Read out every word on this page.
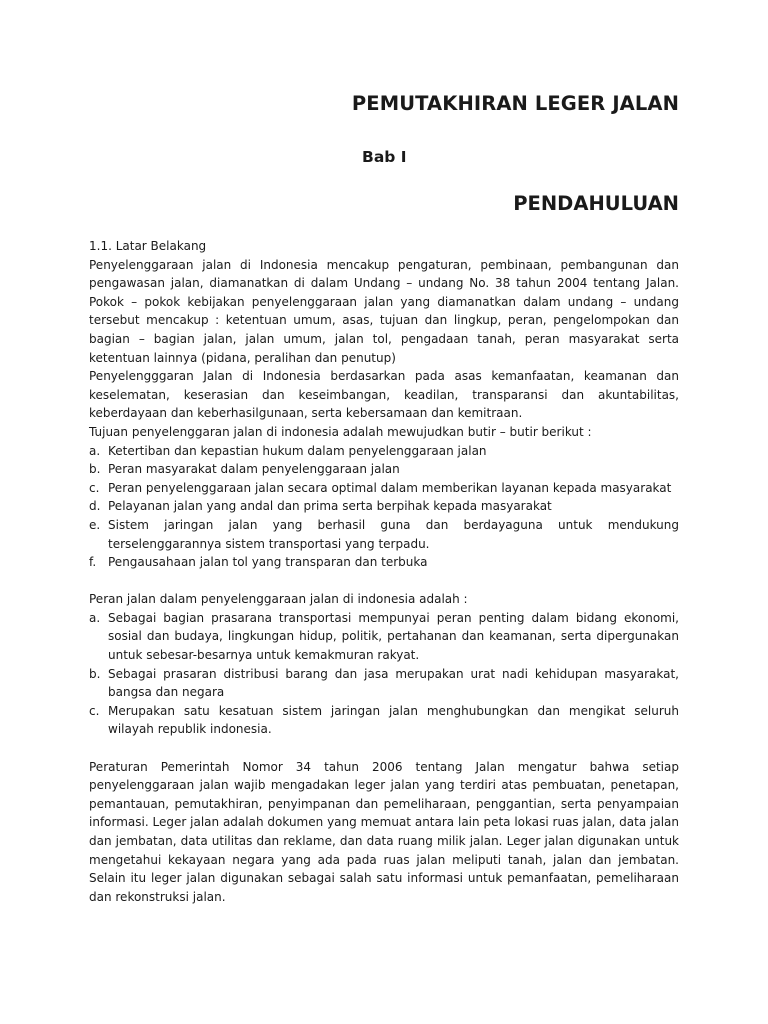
PEMUTAKHIRAN LEGER JALAN
Bab I
PENDAHULUAN
1.1. Latar Belakang

Penyelenggaraan jalan di Indonesia mencakup pengaturan, pembinaan, pembangunan dan pengawasan jalan, diamanatkan di dalam Undang – undang No. 38 tahun 2004 tentang Jalan. Pokok – pokok kebijakan penyelenggaraan jalan yang diamanatkan dalam undang – undang tersebut mencakup : ketentuan umum, asas, tujuan dan lingkup, peran, pengelompokan dan bagian – bagian jalan, jalan umum, jalan tol, pengadaan tanah, peran masyarakat serta ketentuan lainnya (pidana, peralihan dan penutup)

Penyelengggaran Jalan di Indonesia berdasarkan pada asas kemanfaatan, keamanan dan keselematan, keserasian dan keseimbangan, keadilan, transparansi dan akuntabilitas, keberdayaan dan keberhasilgunaan, serta kebersamaan dan kemitraan.

Tujuan penyelenggaran jalan di indonesia adalah mewujudkan butir – butir berikut :

a. Ketertiban dan kepastian hukum dalam penyelenggaraan jalan
b. Peran masyarakat dalam penyelenggaraan jalan
c. Peran penyelenggaraan jalan secara optimal dalam memberikan layanan kepada masyarakat
d. Pelayanan jalan yang andal dan prima serta berpihak kepada masyarakat
e. Sistem jaringan jalan yang berhasil guna dan berdayaguna untuk mendukung terselenggarannya sistem transportasi yang terpadu.
f. Pengausahaan jalan tol yang transparan dan terbuka

Peran jalan dalam penyelenggaraan jalan di indonesia adalah :

a. Sebagai bagian prasarana transportasi mempunyai peran penting dalam bidang ekonomi, sosial dan budaya, lingkungan hidup, politik, pertahanan dan keamanan, serta dipergunakan untuk sebesar-besarnya untuk kemakmuran rakyat.
b. Sebagai prasaran distribusi barang dan jasa merupakan urat nadi kehidupan masyarakat, bangsa dan negara
c. Merupakan satu kesatuan sistem jaringan jalan menghubungkan dan mengikat seluruh wilayah republik indonesia.

Peraturan Pemerintah Nomor 34 tahun 2006 tentang Jalan mengatur bahwa setiap penyelenggaraan jalan wajib mengadakan leger jalan yang terdiri atas pembuatan, penetapan, pemantauan, pemutakhiran, penyimpanan dan pemeliharaan, penggantian, serta penyampaian informasi. Leger jalan adalah dokumen yang memuat antara lain peta lokasi ruas jalan, data jalan dan jembatan, data utilitas dan reklame, dan data ruang milik jalan. Leger jalan digunakan untuk mengetahui kekayaan negara yang ada pada ruas jalan meliputi tanah, jalan dan jembatan. Selain itu leger jalan digunakan sebagai salah satu informasi untuk pemanfaatan, pemeliharaan dan rekonstruksi jalan.
